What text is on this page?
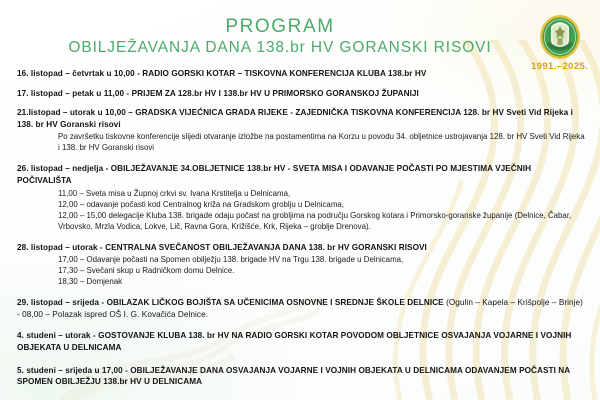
PROGRAM
OBILJEŽAVANJA DANA 138.br HV GORANSKI RISOVI
1991.–2025.
16. listopad – četvrtak u 10,00 - RADIO GORSKI KOTAR – TISKOVNA KONFERENCIJA KLUBA 138.br HV
17. listopad – petak u 11,00 - PRIJEM ZA 128.br HV I 138.br HV U PRIMORSKO GORANSKOJ ŽUPANIJI
21.listopad – utorak u 10,00 – GRADSKA VIJEĆNICA GRADA RIJEKE - ZAJEDNIČKA TISKOVNA KONFERENCIJA 128. br HV Sveti Vid Rijeka i 138. br HV Goranski risovi
Po završetku tiskovne konferencije slijedi otvaranje izložbe na postamentima na Korzu u povodu 34. obljetnice ustrojavanja 128. br HV Sveti Vid Rijeka i 138. br HV Goranski risovi
26. listopad – nedjelja - OBILJEŽAVANJE 34.OBLJETNICE 138.br HV - SVETA MISA I ODAVANJE POČASTI PO MJESTIMA VJEČNIH POČIVALIŠTA
11,00 – Sveta misa u Župnoj crkvi sv. Ivana Krstitelja u Delnicama,
12,00 – odavanje počasti kod Centralnog križa na Gradskom groblju u Delnicama,
12,00 – 15,00 delegacije Kluba 138. brigade odaju počast na grobljima na području Gorskog kotara i Primorsko-goranske županije (Delnice, Čabar, Vrbovsko, Mrzla Vodica, Lokve, Lič, Ravna Gora, Križišće, Krk, Rijeka – groblje Drenova).
28. listopad – utorak - CENTRALNA SVEČANOST OBILJEŽAVANJA DANA 138. br HV GORANSKI RISOVI
17,00 – Odavanje počasti na Spomen obilježju 138. brigade HV na Trgu 138. brigade u Delnicama,
17,30 – Svečani skup u Radničkom domu Delnice.
18,30 – Domjenak
29. listopad – srijeda - OBILAZAK LIČKOG BOJIŠTA SA UČENICIMA OSNOVNE I SREDNJE ŠKOLE DELNICE (Ogulin – Kapela – Krišpolje – Brinje) - 08,00 – Polazak ispred OŠ I. G. Kovačića Delnice.
4. studeni – utorak - GOSTOVANJE KLUBA 138. br HV NA RADIO GORSKI KOTAR POVODOM OBLJETNICE OSVAJANJA VOJARNE I VOJNIH OBJEKATA U DELNICAMA
5. studeni – srijeda u 17,00 - OBILJEŽAVANJE DANA OSVAJANJA VOJARNE I VOJNIH OBJEKATA U DELNICAMA ODAVANJEM POČASTI NA SPOMEN OBILJEŽJU 138.br HV U DELNICAMA
